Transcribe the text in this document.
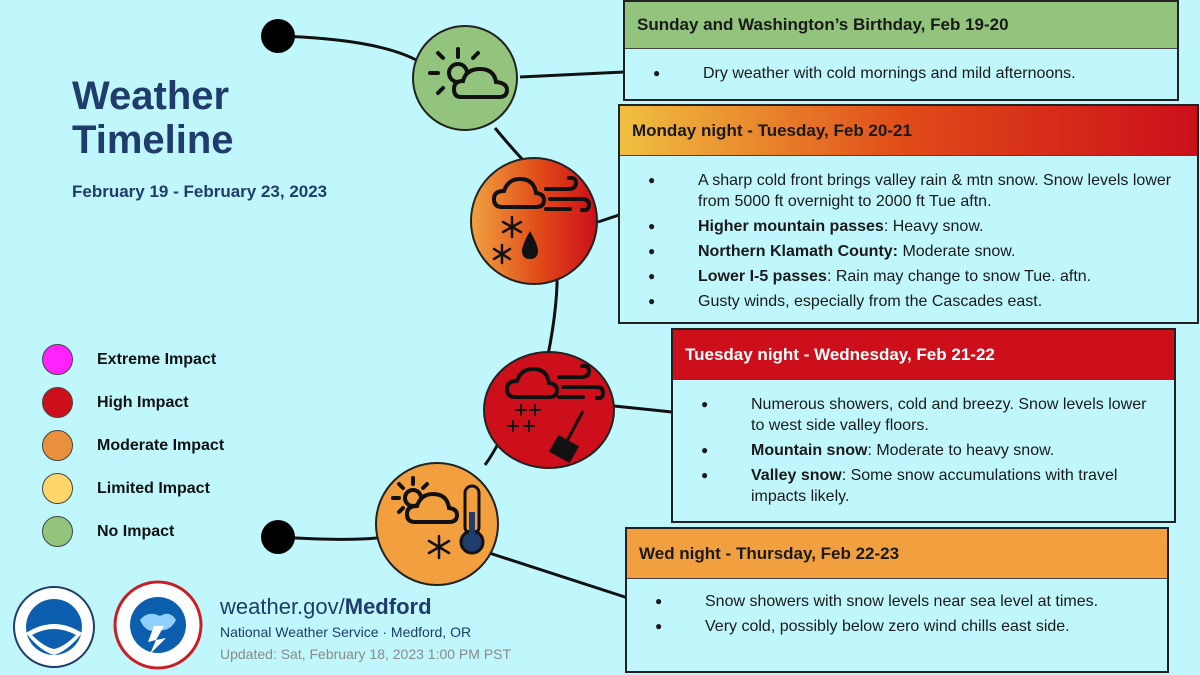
Weather
Timeline
February 19 - February 23, 2023
Extreme Impact
High Impact
Moderate Impact
Limited Impact
No Impact
Sunday and Washington’s Birthday, Feb 19-20
● Dry weather with cold mornings and mild afternoons.
Monday night - Tuesday, Feb 20-21
● A sharp cold front brings valley rain & mtn snow. Snow levels lower from 5000 ft overnight to 2000 ft Tue aftn.
● Higher mountain passes: Heavy snow.
● Northern Klamath County: Moderate snow.
● Lower I-5 passes: Rain may change to snow Tue. aftn.
● Gusty winds, especially from the Cascades east.
Tuesday night - Wednesday, Feb 21-22
● Numerous showers, cold and breezy. Snow levels lower to west side valley floors.
● Mountain snow: Moderate to heavy snow.
● Valley snow: Some snow accumulations with travel impacts likely.
Wed night - Thursday, Feb 22-23
● Snow showers with snow levels near sea level at times.
● Very cold, possibly below zero wind chills east side.
weather.gov/Medford
National Weather Service · Medford, OR
Updated: Sat, February 18, 2023 1:00 PM PST
